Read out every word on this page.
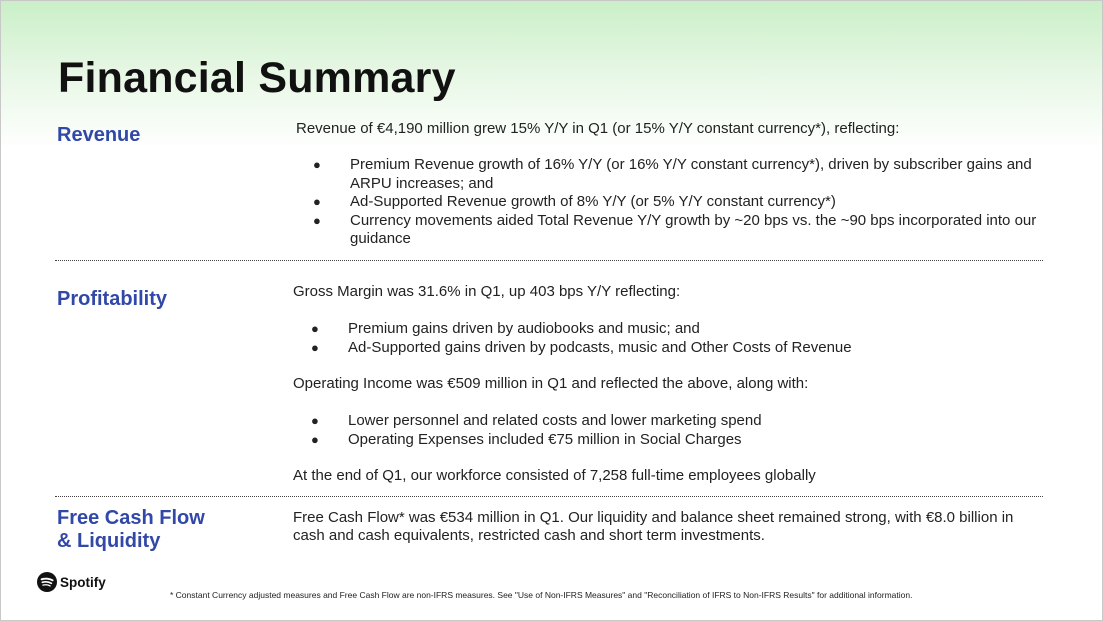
Financial Summary
Revenue	Revenue of €4,190 million grew 15% Y/Y in Q1 (or 15% Y/Y constant currency*), reflecting:

● Premium Revenue growth of 16% Y/Y (or 16% Y/Y constant currency*), driven by subscriber gains and ARPU increases; and
● Ad-Supported Revenue growth of 8% Y/Y (or 5% Y/Y constant currency*)
● Currency movements aided Total Revenue Y/Y growth by ~20 bps vs. the ~90 bps incorporated into our guidance
Profitability	Gross Margin was 31.6% in Q1, up 403 bps Y/Y reflecting:

● Premium gains driven by audiobooks and music; and
● Ad-Supported gains driven by podcasts, music and Other Costs of Revenue

Operating Income was €509 million in Q1 and reflected the above, along with:

● Lower personnel and related costs and lower marketing spend
● Operating Expenses included €75 million in Social Charges

At the end of Q1, our workforce consisted of 7,258 full-time employees globally

Free Cash Flow
& Liquidity

Free Cash Flow* was €534 million in Q1. Our liquidity and balance sheet remained strong, with €8.0 billion in cash and cash equivalents, restricted cash and short term investments.

Spotify

* Constant Currency adjusted measures and Free Cash Flow are non-IFRS measures. See "Use of Non-IFRS Measures" and "Reconciliation of IFRS to Non-IFRS Results" for additional information.
